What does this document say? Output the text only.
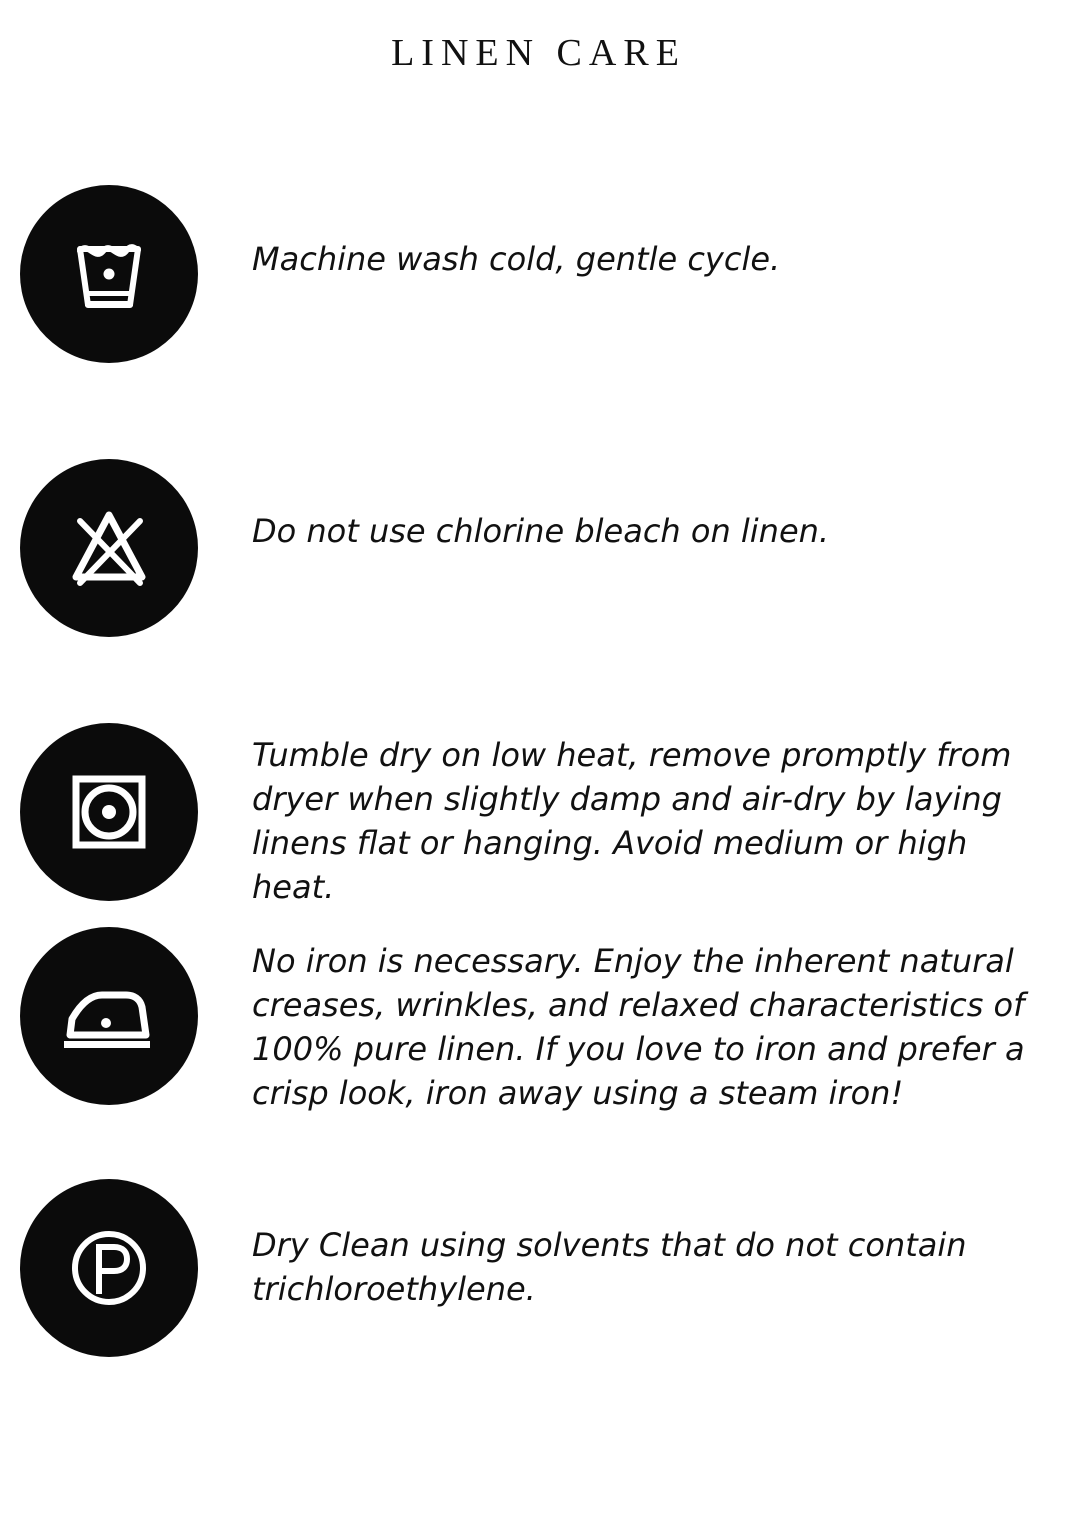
LINEN CARE

Machine wash cold, gentle cycle.

Do not use chlorine bleach on linen.

Tumble dry on low heat, remove promptly from dryer when slightly damp and air-dry by laying linens flat or hanging. Avoid medium or high heat.

No iron is necessary. Enjoy the inherent natural creases, wrinkles, and relaxed characteristics of 100% pure linen. If you love to iron and prefer a crisp look, iron away using a steam iron!

Dry Clean using solvents that do not contain trichloroethylene.
